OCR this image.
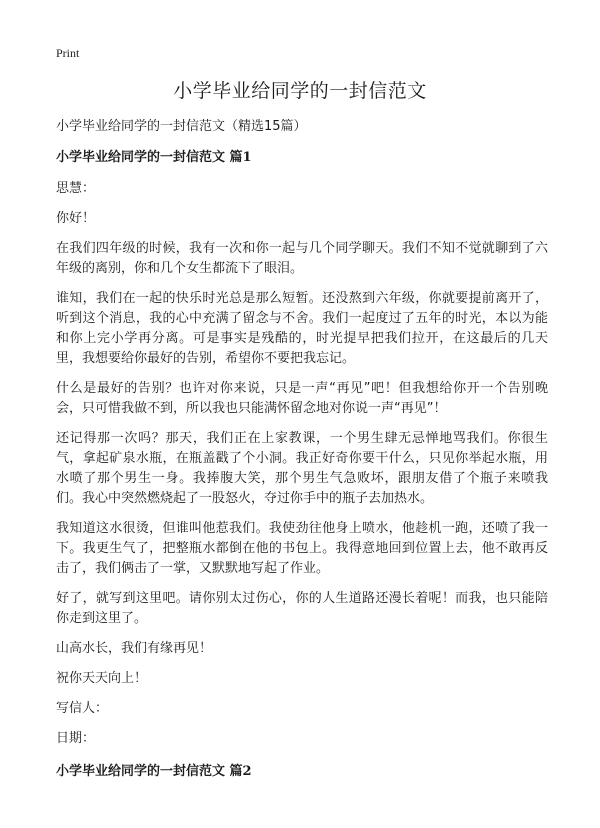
Print
小学毕业给同学的一封信范文

小学毕业给同学的一封信范文（精选15篇）

小学毕业给同学的一封信范文 篇1

思慧：

你好！

在我们四年级的时候，我有一次和你一起与几个同学聊天。我们不知不觉就聊到了六年级的离别，你和几个女生都流下了眼泪。

谁知，我们在一起的快乐时光总是那么短暂。还没熬到六年级，你就要提前离开了，听到这个消息，我的心中充满了留念与不舍。我们一起度过了五年的时光，本以为能和你上完小学再分离。可是事实是残酷的，时光提早把我们拉开，在这最后的几天里，我想要给你最好的告别，希望你不要把我忘记。

什么是最好的告别？也许对你来说，只是一声“再见”吧！但我想给你开一个告别晚会，只可惜我做不到，所以我也只能满怀留念地对你说一声“再见”！

还记得那一次吗？那天，我们正在上家教课，一个男生肆无忌惮地骂我们。你很生气，拿起矿泉水瓶，在瓶盖戳了个小洞。我正好奇你要干什么，只见你举起水瓶，用水喷了那个男生一身。我捧腹大笑，那个男生气急败坏，跟朋友借了个瓶子来喷我们。我心中突然燃烧起了一股怒火，夺过你手中的瓶子去加热水。

我知道这水很烫，但谁叫他惹我们。我使劲往他身上喷水，他趁机一跑，还喷了我一下。我更生气了，把整瓶水都倒在他的书包上。我得意地回到位置上去，他不敢再反击了，我们俩击了一掌，又默默地写起了作业。

好了，就写到这里吧。请你别太过伤心，你的人生道路还漫长着呢！而我，也只能陪你走到这里了。

山高水长，我们有缘再见！

祝你天天向上！

写信人：

日期：

小学毕业给同学的一封信范文 篇2
